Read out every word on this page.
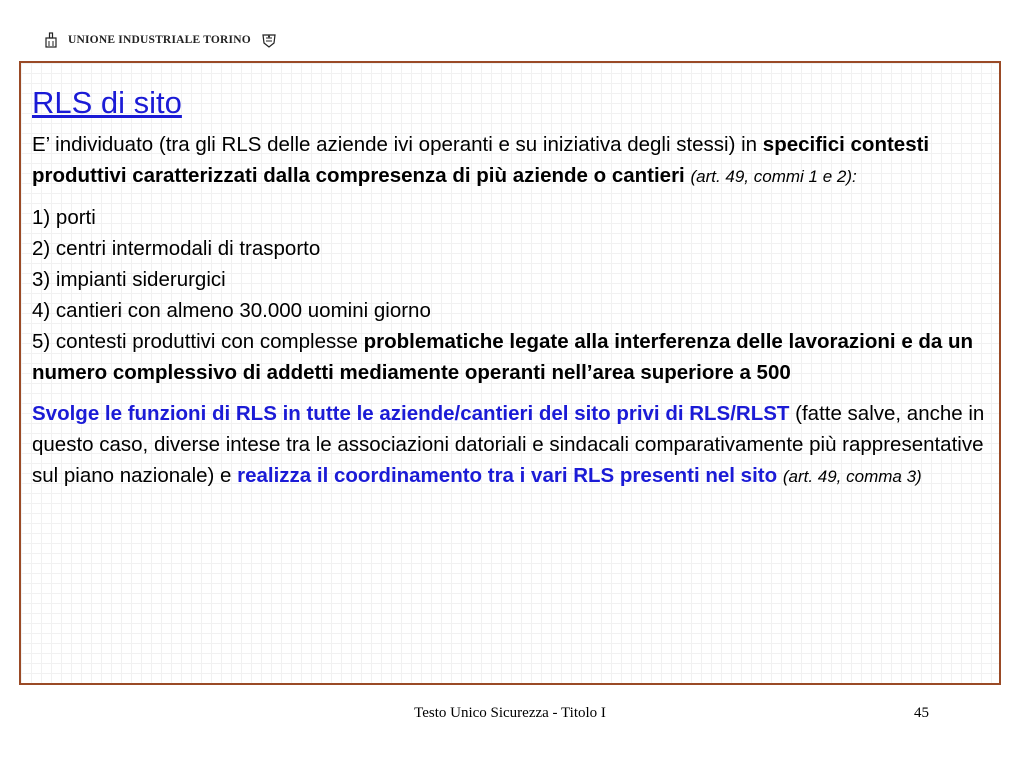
UNIONE INDUSTRIALE TORINO
RLS di sito

E’ individuato (tra gli RLS delle aziende ivi operanti e su iniziativa degli stessi) in specifici contesti produttivi caratterizzati dalla compresenza di più aziende o cantieri (art. 49, commi 1 e 2):

1) porti
2) centri intermodali di trasporto
3) impianti siderurgici
4) cantieri con almeno 30.000 uomini giorno
5) contesti produttivi con complesse problematiche legate alla interferenza delle lavorazioni e da un numero complessivo di addetti mediamente operanti nell’area superiore a 500

Svolge le funzioni di RLS in tutte le aziende/cantieri del sito privi di RLS/RLST (fatte salve, anche in questo caso, diverse intese tra le associazioni datoriali e sindacali comparativamente più rappresentative sul piano nazionale) e realizza il coordinamento tra i vari RLS presenti nel sito (art. 49, comma 3)

Testo Unico Sicurezza - Titolo I	45
